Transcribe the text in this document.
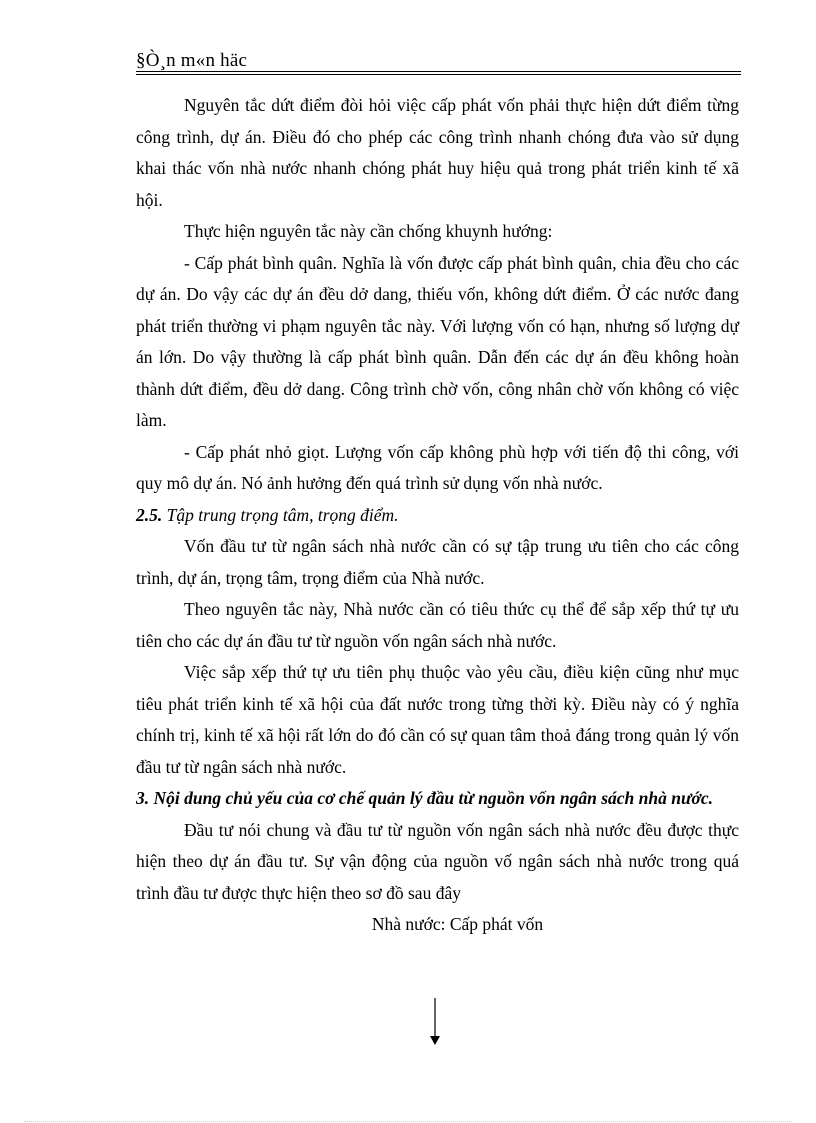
§Ò¸n m«n häc

Nguyên tắc dứt điểm đòi hỏi việc cấp phát vốn phải thực hiện dứt điểm từng công trình, dự án. Điều đó cho phép các công trình nhanh chóng đưa vào sử dụng khai thác vốn nhà nước nhanh chóng phát huy hiệu quả trong phát triển kinh tế xã hội.

Thực hiện nguyên tắc này cần chống khuynh hướng:

- Cấp phát bình quân. Nghĩa là vốn được cấp phát bình quân, chia đều cho các dự án. Do vậy các dự án đều dở dang, thiếu vốn, không dứt điểm. Ở các nước đang phát triển thường vi phạm nguyên tắc này. Với lượng vốn có hạn, nhưng số lượng dự án lớn. Do vậy thường là cấp phát bình quân. Dẫn đến các dự án đều không hoàn thành dứt điểm, đều dở dang. Công trình chờ vốn, công nhân chờ vốn không có việc làm.

- Cấp phát nhỏ giọt. Lượng vốn cấp không phù hợp với tiến độ thi công, với quy mô dự án. Nó ảnh hưởng đến quá trình sử dụng vốn nhà nước.

2.5. Tập trung trọng tâm, trọng điểm.

Vốn đầu tư từ ngân sách nhà nước cần có sự tập trung ưu tiên cho các công trình, dự án, trọng tâm, trọng điểm của Nhà nước.

Theo nguyên tắc này, Nhà nước cần có tiêu thức cụ thể để sắp xếp thứ tự ưu tiên cho các dự án đầu tư từ nguồn vốn ngân sách nhà nước.

Việc sắp xếp thứ tự ưu tiên phụ thuộc vào yêu cầu, điều kiện cũng như mục tiêu phát triển kinh tế xã hội của đất nước trong từng thời kỳ. Điều này có ý nghĩa chính trị, kinh tế xã hội rất lớn do đó cần có sự quan tâm thoả đáng trong quản lý vốn đầu tư từ ngân sách nhà nước.

3. Nội dung chủ yếu của cơ chế quản lý đầu từ nguồn vốn ngân sách nhà nước.

Đầu tư nói chung và đầu tư từ nguồn vốn ngân sách nhà nước đều được thực hiện theo dự án đầu tư. Sự vận động của nguồn vố ngân sách nhà nước trong quá trình đầu tư được thực hiện theo sơ đồ sau đây

Nhà nước: Cấp phát vốn
